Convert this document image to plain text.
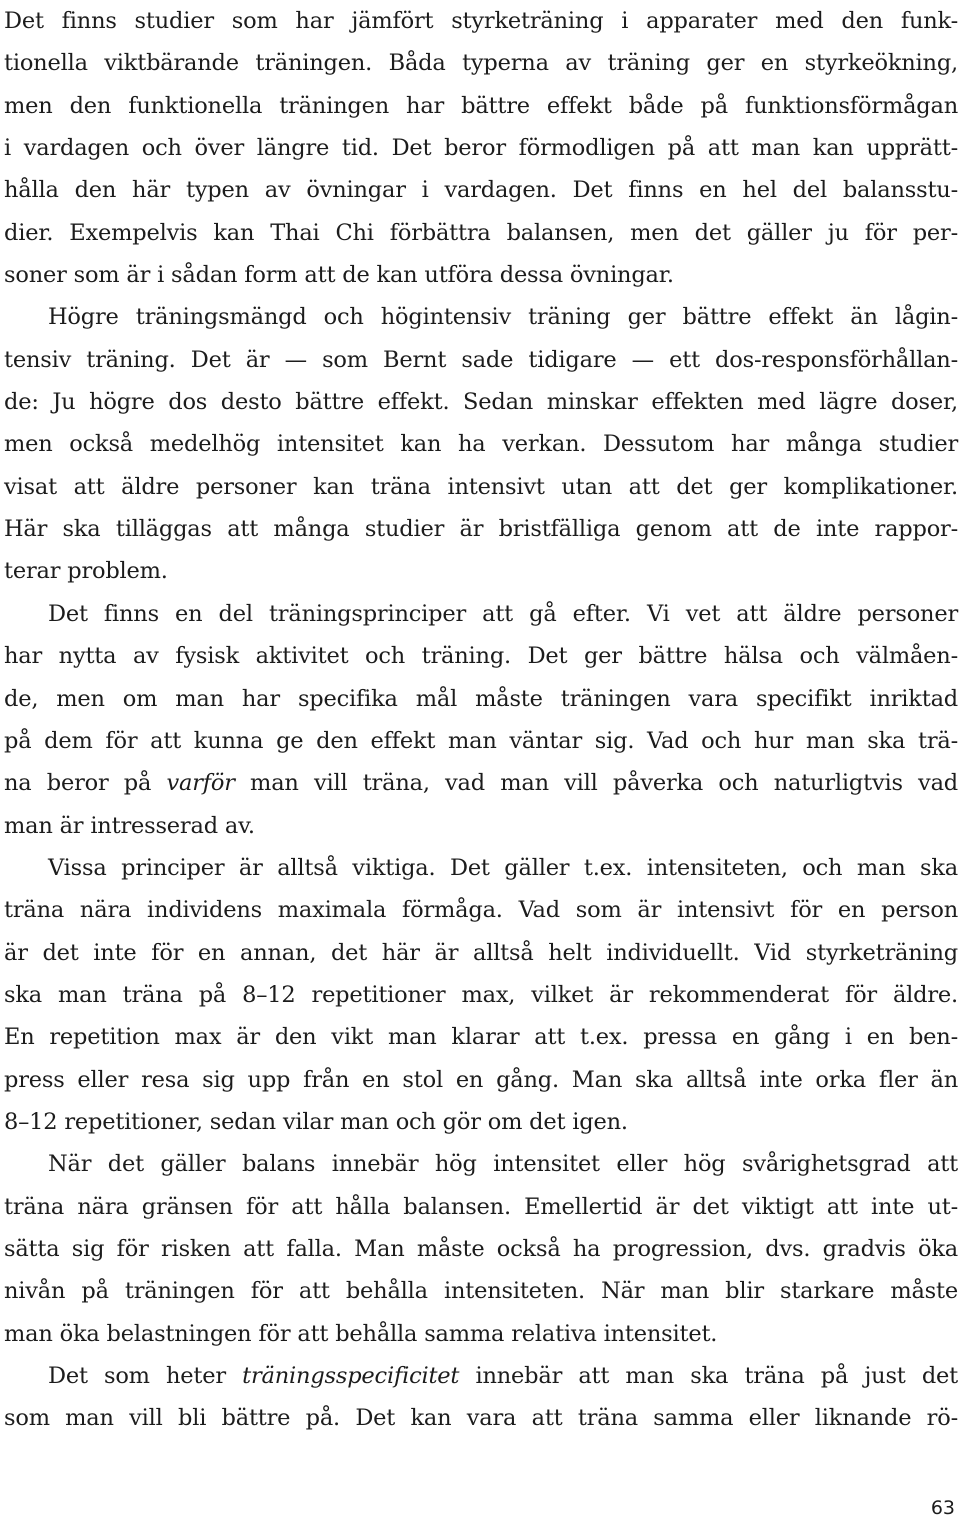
Det finns studier som har jämfört styrketräning i apparater med den funk-
tionella viktbärande träningen. Båda typerna av träning ger en styrkeökning,
men den funktionella träningen har bättre effekt både på funktionsförmågan
i vardagen och över längre tid. Det beror förmodligen på att man kan upprätt-
hålla den här typen av övningar i vardagen. Det finns en hel del balansstu-
dier. Exempelvis kan Thai Chi förbättra balansen, men det gäller ju för per-
soner som är i sådan form att de kan utföra dessa övningar.
Högre träningsmängd och högintensiv träning ger bättre effekt än lågin-
tensiv träning. Det är — som Bernt sade tidigare — ett dos-responsförhållan-
de: Ju högre dos desto bättre effekt. Sedan minskar effekten med lägre doser,
men också medelhög intensitet kan ha verkan. Dessutom har många studier
visat att äldre personer kan träna intensivt utan att det ger komplikationer.
Här ska tilläggas att många studier är bristfälliga genom att de inte rappor-
terar problem.
Det finns en del träningsprinciper att gå efter. Vi vet att äldre personer
har nytta av fysisk aktivitet och träning. Det ger bättre hälsa och välmåen-
de, men om man har specifika mål måste träningen vara specifikt inriktad
på dem för att kunna ge den effekt man väntar sig. Vad och hur man ska trä-
na beror på varför man vill träna, vad man vill påverka och naturligtvis vad
man är intresserad av.
Vissa principer är alltså viktiga. Det gäller t.ex. intensiteten, och man ska
träna nära individens maximala förmåga. Vad som är intensivt för en person
är det inte för en annan, det här är alltså helt individuellt. Vid styrketräning
ska man träna på 8–12 repetitioner max, vilket är rekommenderat för äldre.
En repetition max är den vikt man klarar att t.ex. pressa en gång i en ben-
press eller resa sig upp från en stol en gång. Man ska alltså inte orka fler än
8–12 repetitioner, sedan vilar man och gör om det igen.
När det gäller balans innebär hög intensitet eller hög svårighetsgrad att
träna nära gränsen för att hålla balansen. Emellertid är det viktigt att inte ut-
sätta sig för risken att falla. Man måste också ha progression, dvs. gradvis öka
nivån på träningen för att behålla intensiteten. När man blir starkare måste
man öka belastningen för att behålla samma relativa intensitet.
Det som heter träningsspecificitet innebär att man ska träna på just det
som man vill bli bättre på. Det kan vara att träna samma eller liknande rö-
63
